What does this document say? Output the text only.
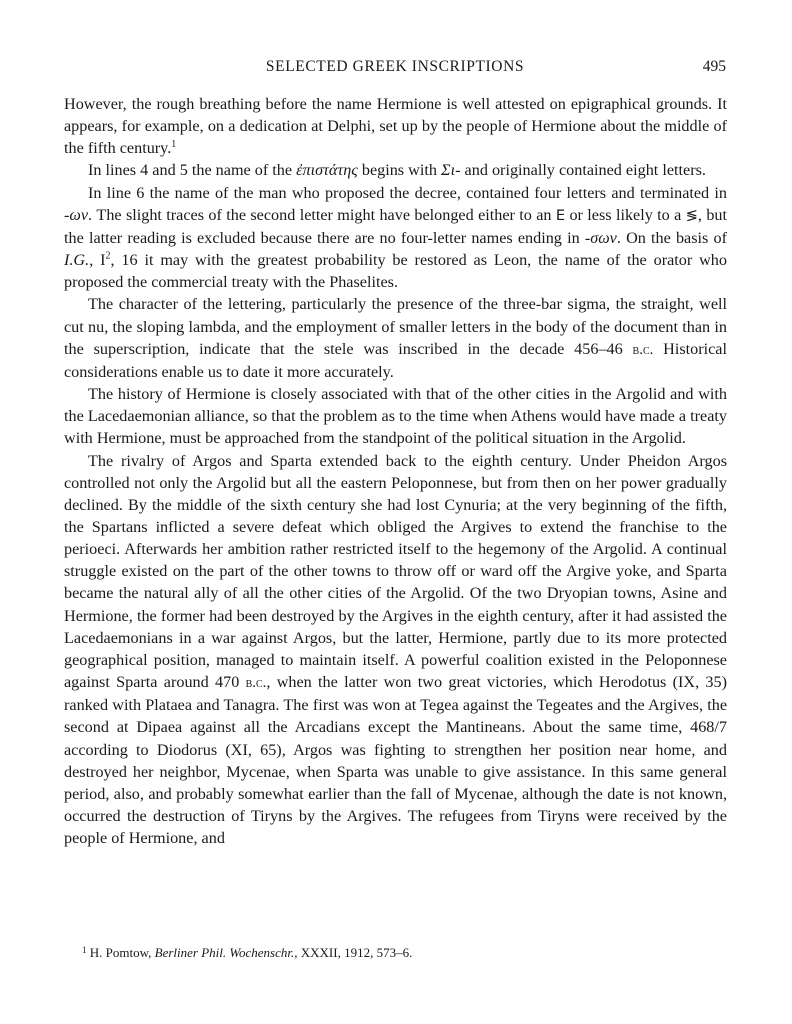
SELECTED GREEK INSCRIPTIONS	495

However, the rough breathing before the name Hermione is well attested on epigraphical grounds. It appears, for example, on a dedication at Delphi, set up by the people of Hermione about the middle of the fifth century.$^1$

In lines 4 and 5 the name of the ἐπιστάτης begins with Σι- and originally contained eight letters.

In line 6 the name of the man who proposed the decree, contained four letters and terminated in -ων. The slight traces of the second letter might have belonged either to an E or less likely to a ≶, but the latter reading is excluded because there are no four-letter names ending in -σων. On the basis of I.G., $I^2$, 16 it may with the greatest probability be restored as Leon, the name of the orator who proposed the commercial treaty with the Phaselites.

The character of the lettering, particularly the presence of the three-bar sigma, the straight, well cut nu, the sloping lambda, and the employment of smaller letters in the body of the document than in the superscription, indicate that the stele was inscribed in the decade 456–46 b.c. Historical considerations enable us to date it more accurately.

The history of Hermione is closely associated with that of the other cities in the Argolid and with the Lacedaemonian alliance, so that the problem as to the time when Athens would have made a treaty with Hermione, must be approached from the standpoint of the political situation in the Argolid.

The rivalry of Argos and Sparta extended back to the eighth century. Under Pheidon Argos controlled not only the Argolid but all the eastern Peloponnese, but from then on her power gradually declined. By the middle of the sixth century she had lost Cynuria; at the very beginning of the fifth, the Spartans inflicted a severe defeat which obliged the Argives to extend the franchise to the perioeci. Afterwards her ambition rather restricted itself to the hegemony of the Argolid. A continual struggle existed on the part of the other towns to throw off or ward off the Argive yoke, and Sparta became the natural ally of all the other cities of the Argolid. Of the two Dryopian towns, Asine and Hermione, the former had been destroyed by the Argives in the eighth century, after it had assisted the Lacedaemonians in a war against Argos, but the latter, Hermione, partly due to its more protected geographical position, managed to maintain itself. A powerful coalition existed in the Peloponnese against Sparta around 470 b.c., when the latter won two great victories, which Herodotus (IX, 35) ranked with Plataea and Tanagra. The first was won at Tegea against the Tegeates and the Argives, the second at Dipaea against all the Arcadians except the Mantineans. About the same time, 468/7 according to Diodorus (XI, 65), Argos was fighting to strengthen her position near home, and destroyed her neighbor, Mycenae, when Sparta was unable to give assistance. In this same general period, also, and probably somewhat earlier than the fall of Mycenae, although the date is not known, occurred the destruction of Tiryns by the Argives. The refugees from Tiryns were received by the people of Hermione, and

$^1$ H. Pomtow, Berliner Phil. Wochenschr., XXXII, 1912, 573–6.
